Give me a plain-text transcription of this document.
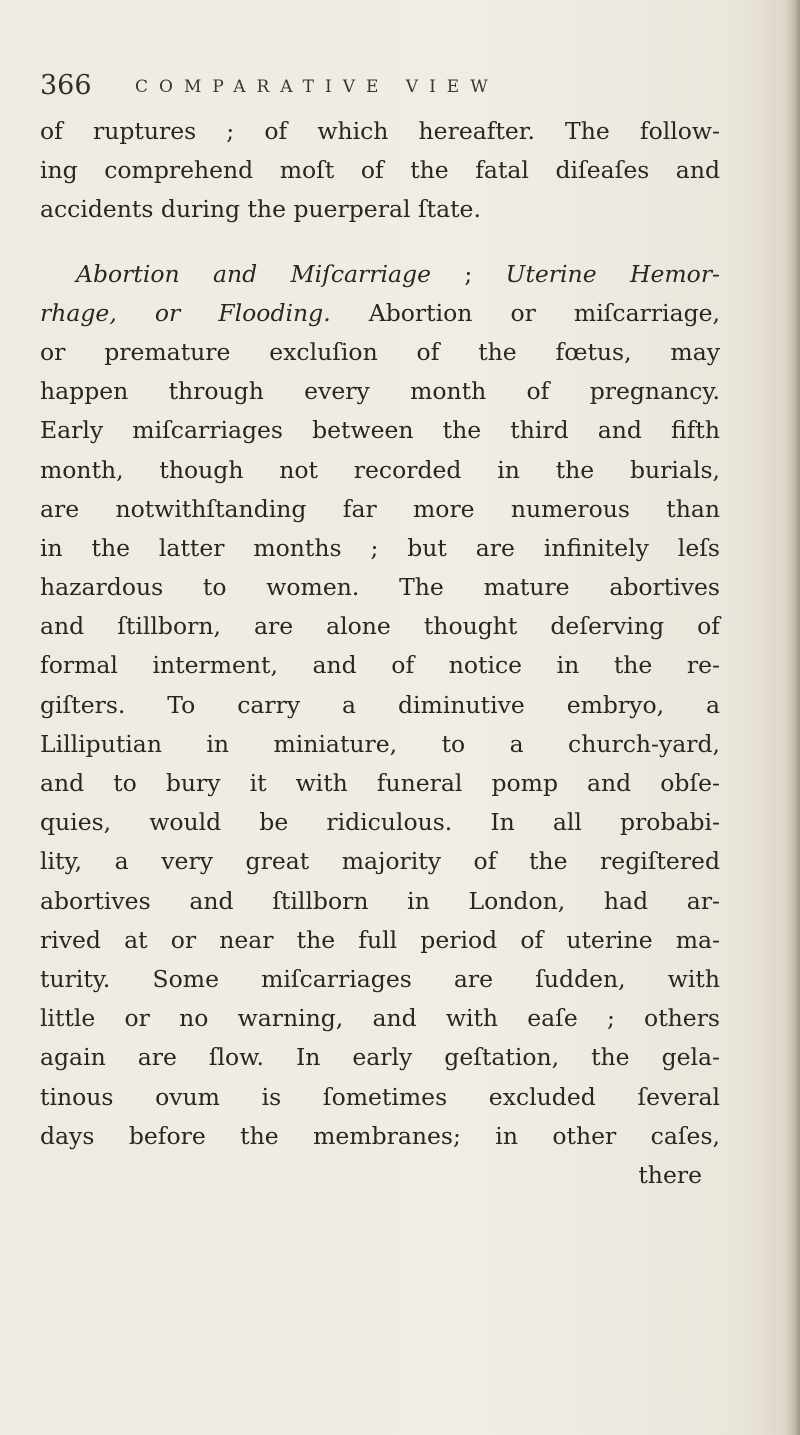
366	COMPARATIVE VIEW
of ruptures ; of which hereafter. The follow-
ing comprehend moſt of the fatal diſeaſes and
accidents during the puerperal ſtate.
Abortion and Miſcarriage ; Uterine Hemor-
rhage, or Flooding. Abortion or miſcarriage,
or premature excluſion of the fœtus, may
happen through every month of pregnancy.
Early miſcarriages between the third and fifth
month, though not recorded in the burials,
are notwithſtanding far more numerous than
in the latter months ; but are infinitely leſs
hazardous to women. The mature abortives
and ſtillborn, are alone thought deſerving of
formal interment, and of notice in the re-
giſters. To carry a diminutive embryo, a
Lilliputian in miniature, to a church-yard,
and to bury it with funeral pomp and obſe-
quies, would be ridiculous. In all probabi-
lity, a very great majority of the regiſtered
abortives and ſtillborn in London, had ar-
rived at or near the full period of uterine ma-
turity. Some miſcarriages are ſudden, with
little or no warning, and with eaſe ; others
again are ſlow. In early geſtation, the gela-
tinous ovum is ſometimes excluded ſeveral
days before the membranes; in other caſes,
there
